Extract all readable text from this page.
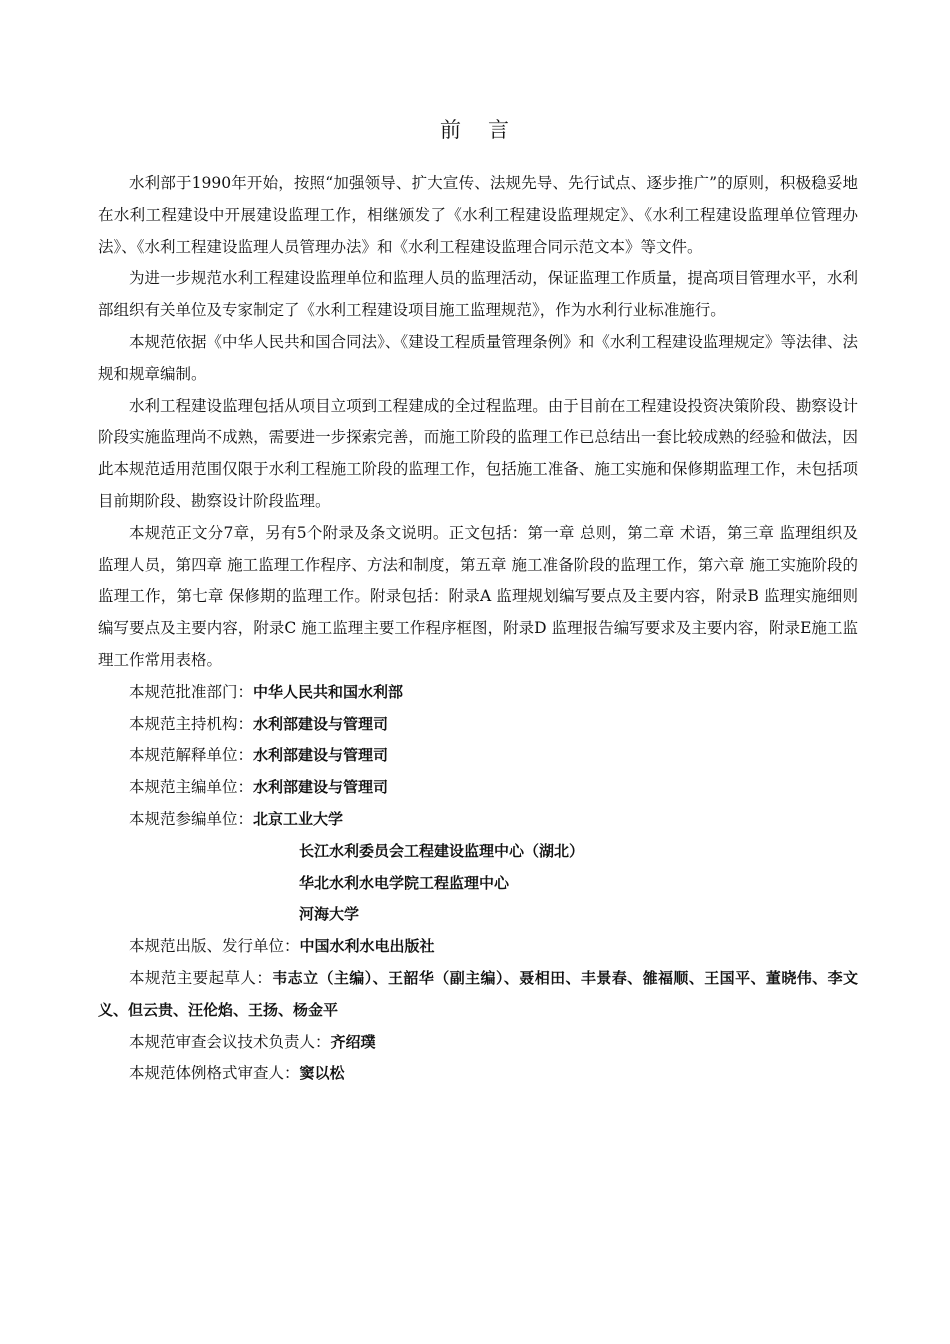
前 言

水利部于1990年开始，按照“加强领导、扩大宣传、法规先导、先行试点、逐步推广”的原则，积极稳妥地在水利工程建设中开展建设监理工作，相继颁发了《水利工程建设监理规定》、《水利工程建设监理单位管理办法》、《水利工程建设监理人员管理办法》和《水利工程建设监理合同示范文本》等文件。

为进一步规范水利工程建设监理单位和监理人员的监理活动，保证监理工作质量，提高项目管理水平，水利部组织有关单位及专家制定了《水利工程建设项目施工监理规范》，作为水利行业标准施行。

本规范依据《中华人民共和国合同法》、《建设工程质量管理条例》和《水利工程建设监理规定》等法律、法规和规章编制。

水利工程建设监理包括从项目立项到工程建成的全过程监理。由于目前在工程建设投资决策阶段、勘察设计阶段实施监理尚不成熟，需要进一步探索完善，而施工阶段的监理工作已总结出一套比较成熟的经验和做法，因此本规范适用范围仅限于水利工程施工阶段的监理工作，包括施工准备、施工实施和保修期监理工作，未包括项目前期阶段、勘察设计阶段监理。

本规范正文分7章，另有5个附录及条文说明。正文包括：第一章 总则，第二章 术语，第三章 监理组织及监理人员，第四章 施工监理工作程序、方法和制度，第五章 施工准备阶段的监理工作，第六章 施工实施阶段的监理工作，第七章 保修期的监理工作。附录包括：附录A 监理规划编写要点及主要内容，附录B 监理实施细则编写要点及主要内容，附录C 施工监理主要工作程序框图，附录D 监理报告编写要求及主要内容，附录E施工监理工作常用表格。

本规范批准部门：中华人民共和国水利部

本规范主持机构：水利部建设与管理司

本规范解释单位：水利部建设与管理司

本规范主编单位：水利部建设与管理司

本规范参编单位：北京工业大学

长江水利委员会工程建设监理中心（湖北）

华北水利水电学院工程监理中心

河海大学

本规范出版、发行单位：中国水利水电出版社

本规范主要起草人：韦志立（主编）、王韶华（副主编）、聂相田、丰景春、雒福顺、王国平、董晓伟、李文义、但云贵、汪伦焰、王扬、杨金平

本规范审查会议技术负责人：齐绍璞

本规范体例格式审查人：窦以松
